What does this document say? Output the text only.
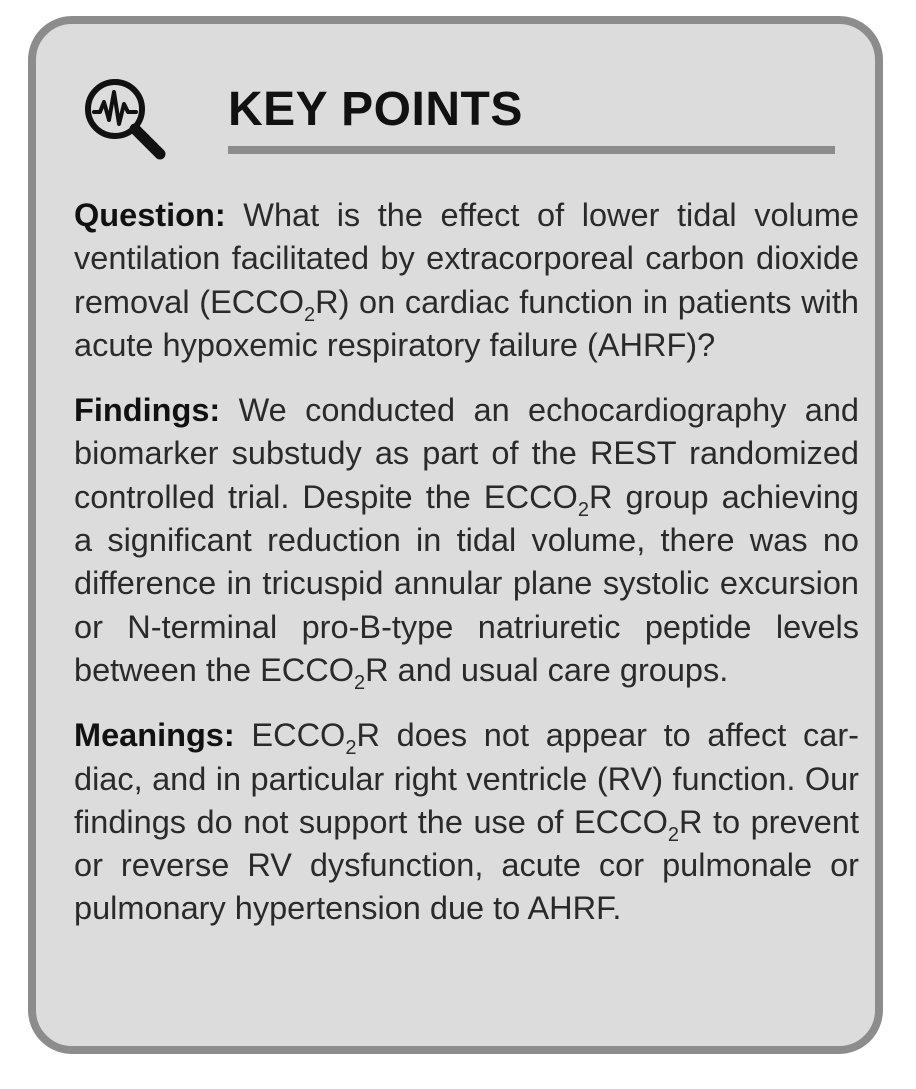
KEY POINTS

Question: What is the effect of lower tidal volume ventilation facilitated by extracorporeal carbon dioxide removal $(ECCO_2R)$ on cardiac function in patients with acute hypoxemic respiratory failure (AHRF)?

Findings: We conducted an echocardiography and biomarker substudy as part of the REST randomized controlled trial. Despite the $ECCO_2R$ group achieving a significant reduction in tidal volume, there was no difference in tricuspid annular plane systolic excursion or N-terminal pro-B-type natriuretic peptide levels between the $ECCO_2R$ and usual care groups.

Meanings: $ECCO_2R$ does not appear to affect cardiac, and in particular right ventricle (RV) function. Our findings do not support the use of $ECCO_2R$ to prevent or reverse RV dysfunction, acute cor pulmonale or pulmonary hypertension due to AHRF.
